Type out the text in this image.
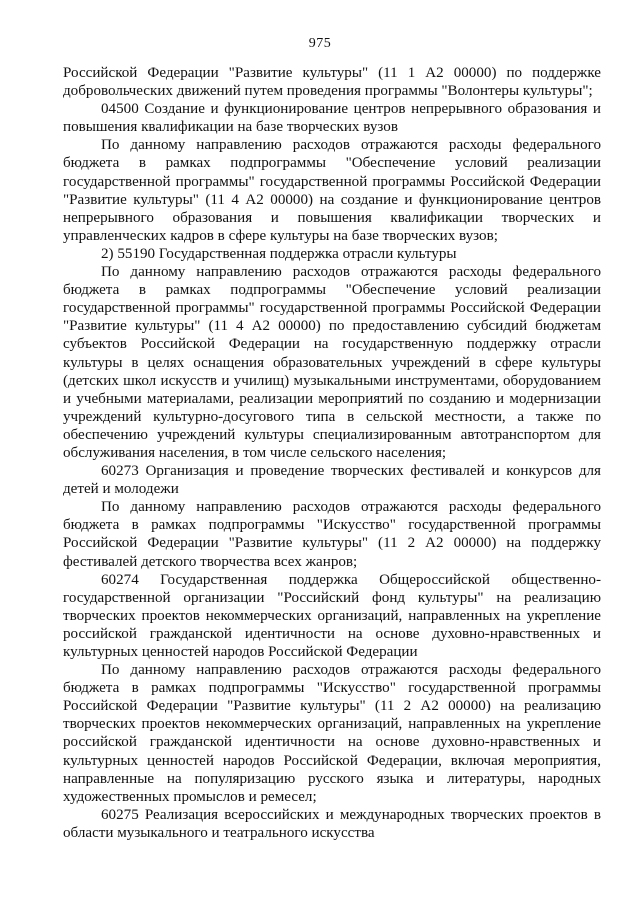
975

Российской Федерации "Развитие культуры" (11 1 А2 00000) по поддержке добровольческих движений путем проведения программы "Волонтеры культуры";

04500 Создание и функционирование центров непрерывного образования и повышения квалификации на базе творческих вузов

По данному направлению расходов отражаются расходы федерального бюджета в рамках подпрограммы "Обеспечение условий реализации государственной программы" государственной программы Российской Федерации "Развитие культуры" (11 4 А2 00000) на создание и функционирование центров непрерывного образования и повышения квалификации творческих и управленческих кадров в сфере культуры на базе творческих вузов;

2) 55190 Государственная поддержка отрасли культуры

По данному направлению расходов отражаются расходы федерального бюджета в рамках подпрограммы "Обеспечение условий реализации государственной программы" государственной программы Российской Федерации "Развитие культуры" (11 4 А2 00000) по предоставлению субсидий бюджетам субъектов Российской Федерации на государственную поддержку отрасли культуры в целях оснащения образовательных учреждений в сфере культуры (детских школ искусств и училищ) музыкальными инструментами, оборудованием и учебными материалами, реализации мероприятий по созданию и модернизации учреждений культурно-досугового типа в сельской местности, а также по обеспечению учреждений культуры специализированным автотранспортом для обслуживания населения, в том числе сельского населения;

60273 Организация и проведение творческих фестивалей и конкурсов для детей и молодежи

По данному направлению расходов отражаются расходы федерального бюджета в рамках подпрограммы "Искусство" государственной программы Российской Федерации "Развитие культуры" (11 2 А2 00000) на поддержку фестивалей детского творчества всех жанров;

60274 Государственная поддержка Общероссийской общественно-государственной организации "Российский фонд культуры" на реализацию творческих проектов некоммерческих организаций, направленных на укрепление российской гражданской идентичности на основе духовно-нравственных и культурных ценностей народов Российской Федерации

По данному направлению расходов отражаются расходы федерального бюджета в рамках подпрограммы "Искусство" государственной программы Российской Федерации "Развитие культуры" (11 2 А2 00000) на реализацию творческих проектов некоммерческих организаций, направленных на укрепление российской гражданской идентичности на основе духовно-нравственных и культурных ценностей народов Российской Федерации, включая мероприятия, направленные на популяризацию русского языка и литературы, народных художественных промыслов и ремесел;

60275 Реализация всероссийских и международных творческих проектов в области музыкального и театрального искусства
